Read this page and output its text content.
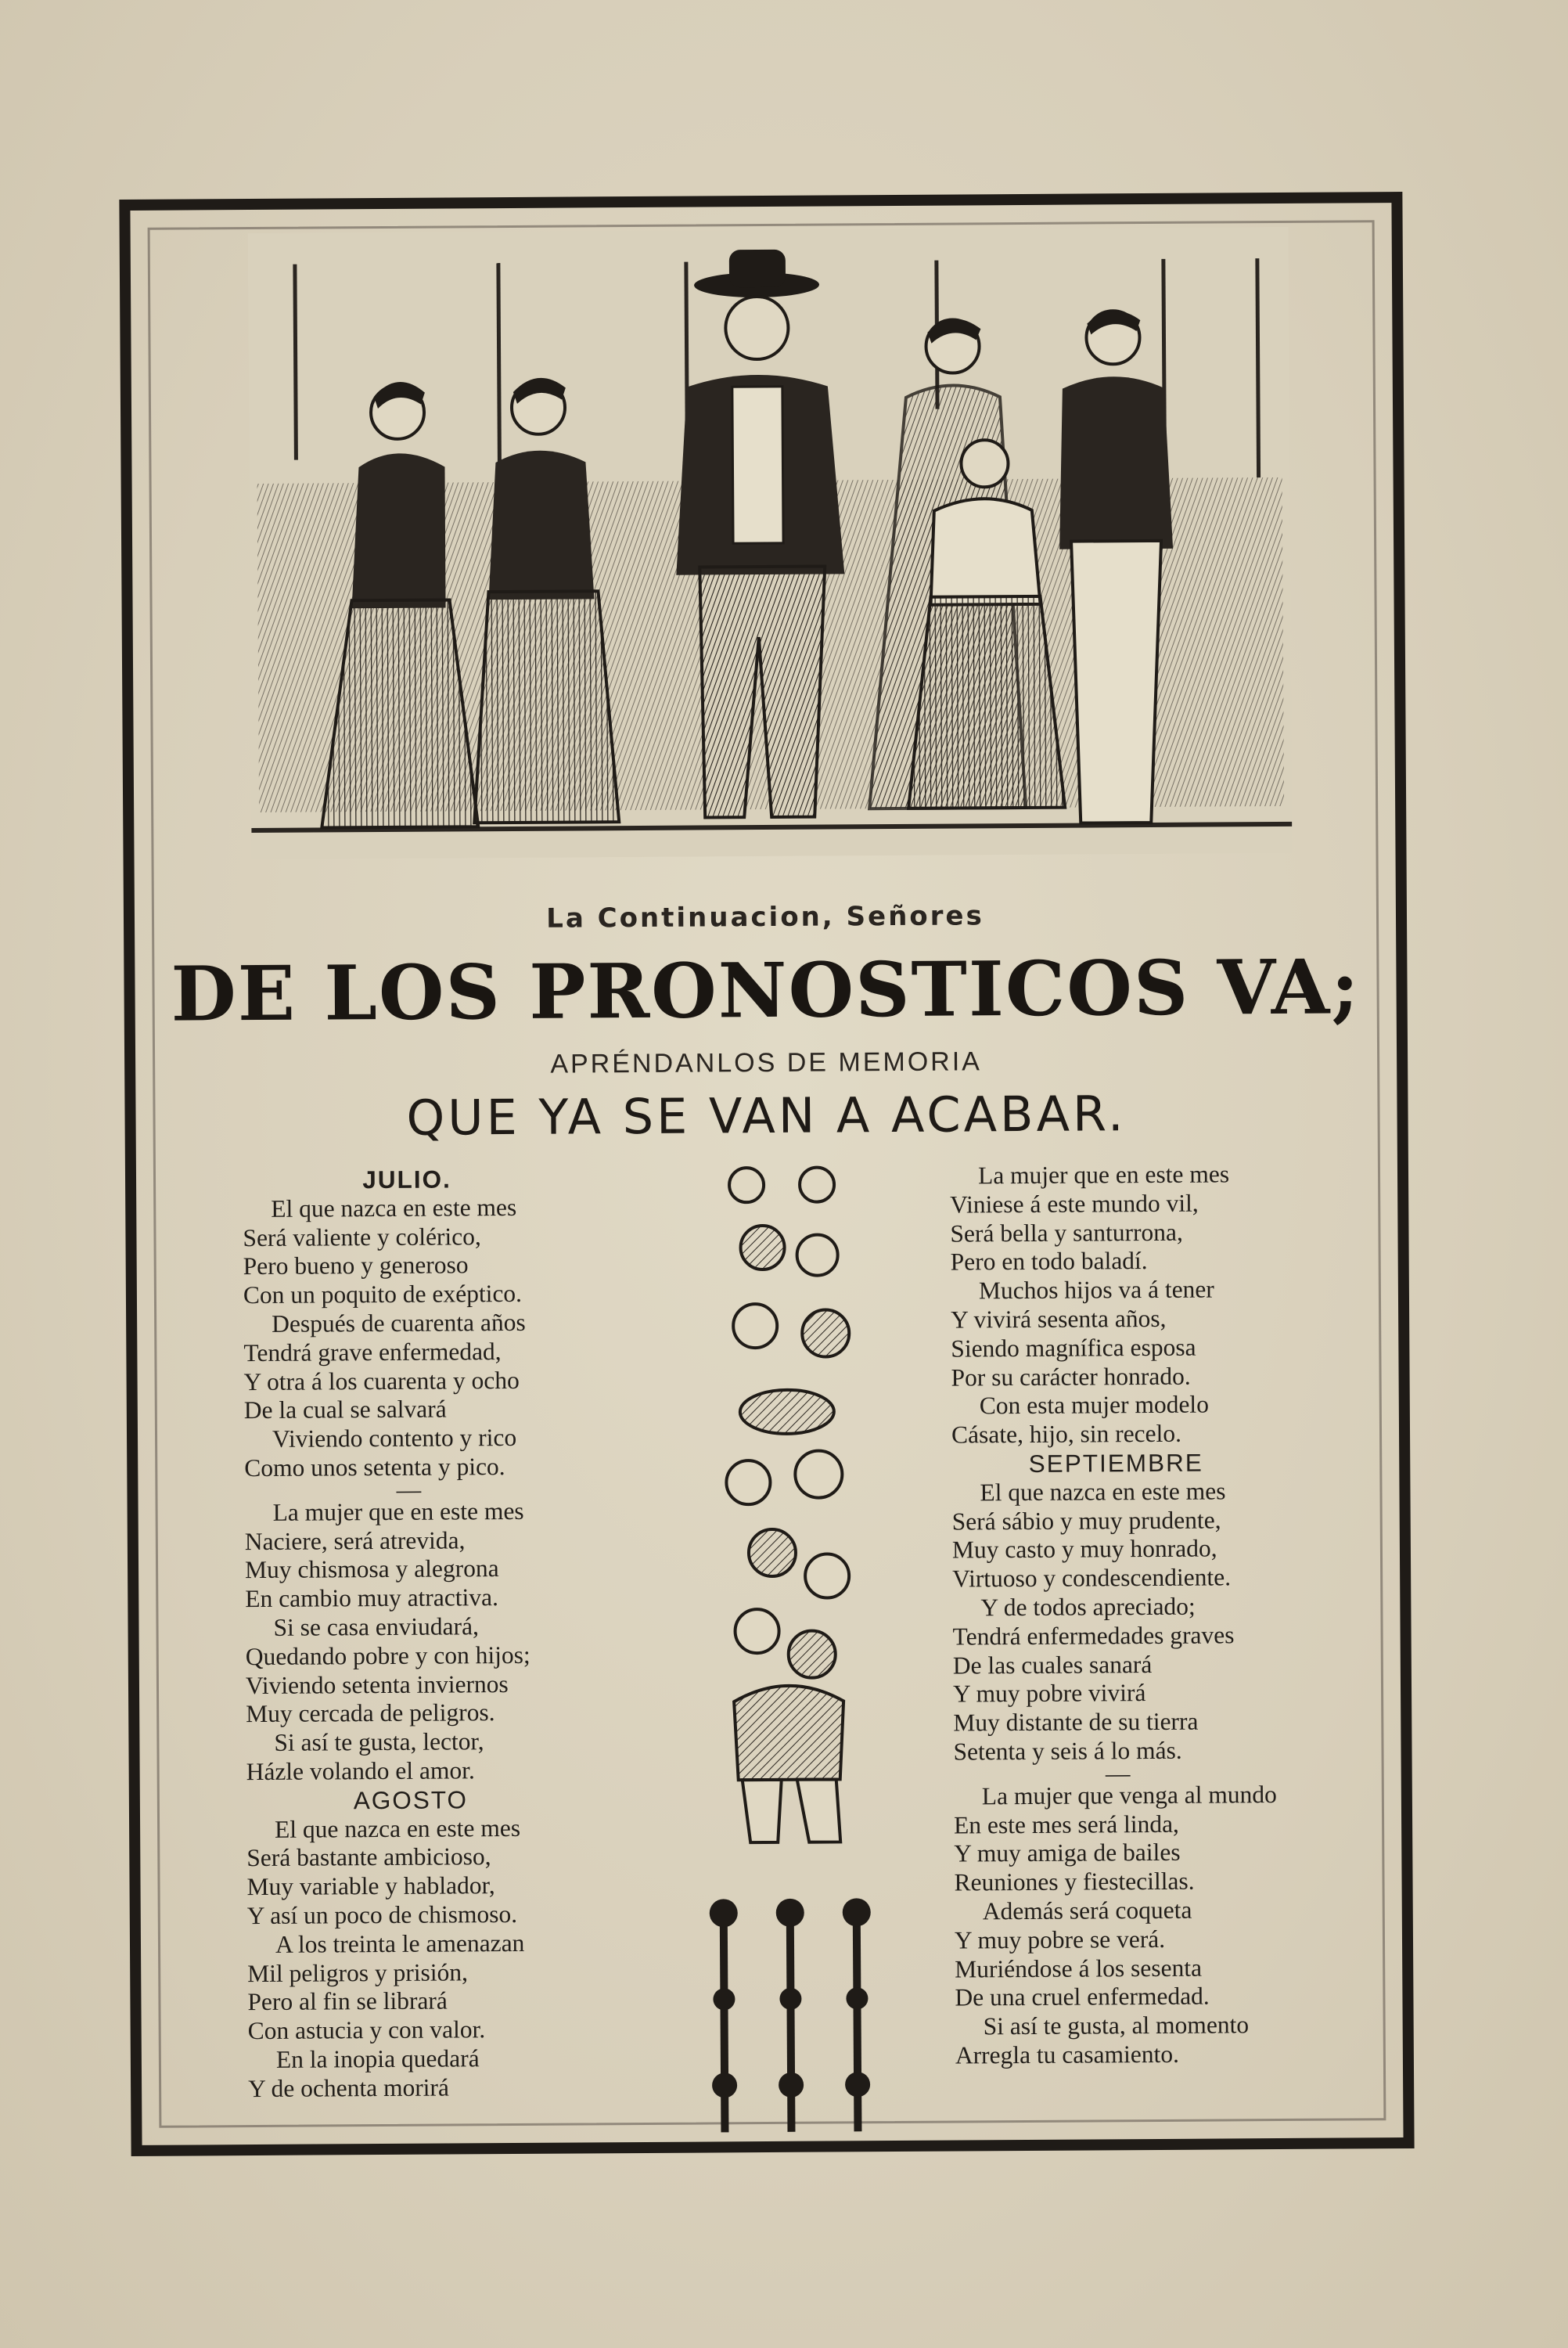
La Continuacion, Señores
DE LOS PRONOSTICOS VA;
APRÉNDANLOS DE MEMORIA
QUE YA SE VAN A ACABAR.
JULIO.
El que nazca en este mes
Será valiente y colérico,
Pero bueno y generoso
Con un poquito de exéptico.
Después de cuarenta años
Tendrá grave enfermedad,
Y otra á los cuarenta y ocho
De la cual se salvará
Viviendo contento y rico
Como unos setenta y pico.
—
La mujer que en este mes
Naciere, será atrevida,
Muy chismosa y alegrona
En cambio muy atractiva.
Si se casa enviudará,
Quedando pobre y con hijos;
Viviendo setenta inviernos
Muy cercada de peligros.
Si así te gusta, lector,
Házle volando el amor.
AGOSTO
El que nazca en este mes
Será bastante ambicioso,
Muy variable y hablador,
Y así un poco de chismoso.
A los treinta le amenazan
Mil peligros y prisión,
Pero al fin se librará
Con astucia y con valor.
En la inopia quedará
Y de ochenta morirá
La mujer que en este mes
Viniese á este mundo vil,
Será bella y santurrona,
Pero en todo baladí.
Muchos hijos va á tener
Y vivirá sesenta años,
Siendo magnífica esposa
Por su carácter honrado.
Con esta mujer modelo
Cásate, hijo, sin recelo.
SEPTIEMBRE
El que nazca en este mes
Será sábio y muy prudente,
Muy casto y muy honrado,
Virtuoso y condescendiente.
Y de todos apreciado;
Tendrá enfermedades graves
De las cuales sanará
Y muy pobre vivirá
Muy distante de su tierra
Setenta y seis á lo más.
—
La mujer que venga al mundo
En este mes será linda,
Y muy amiga de bailes
Reuniones y fiestecillas.
Además será coqueta
Y muy pobre se verá.
Muriéndose á los sesenta
De una cruel enfermedad.
Si así te gusta, al momento
Arregla tu casamiento.
